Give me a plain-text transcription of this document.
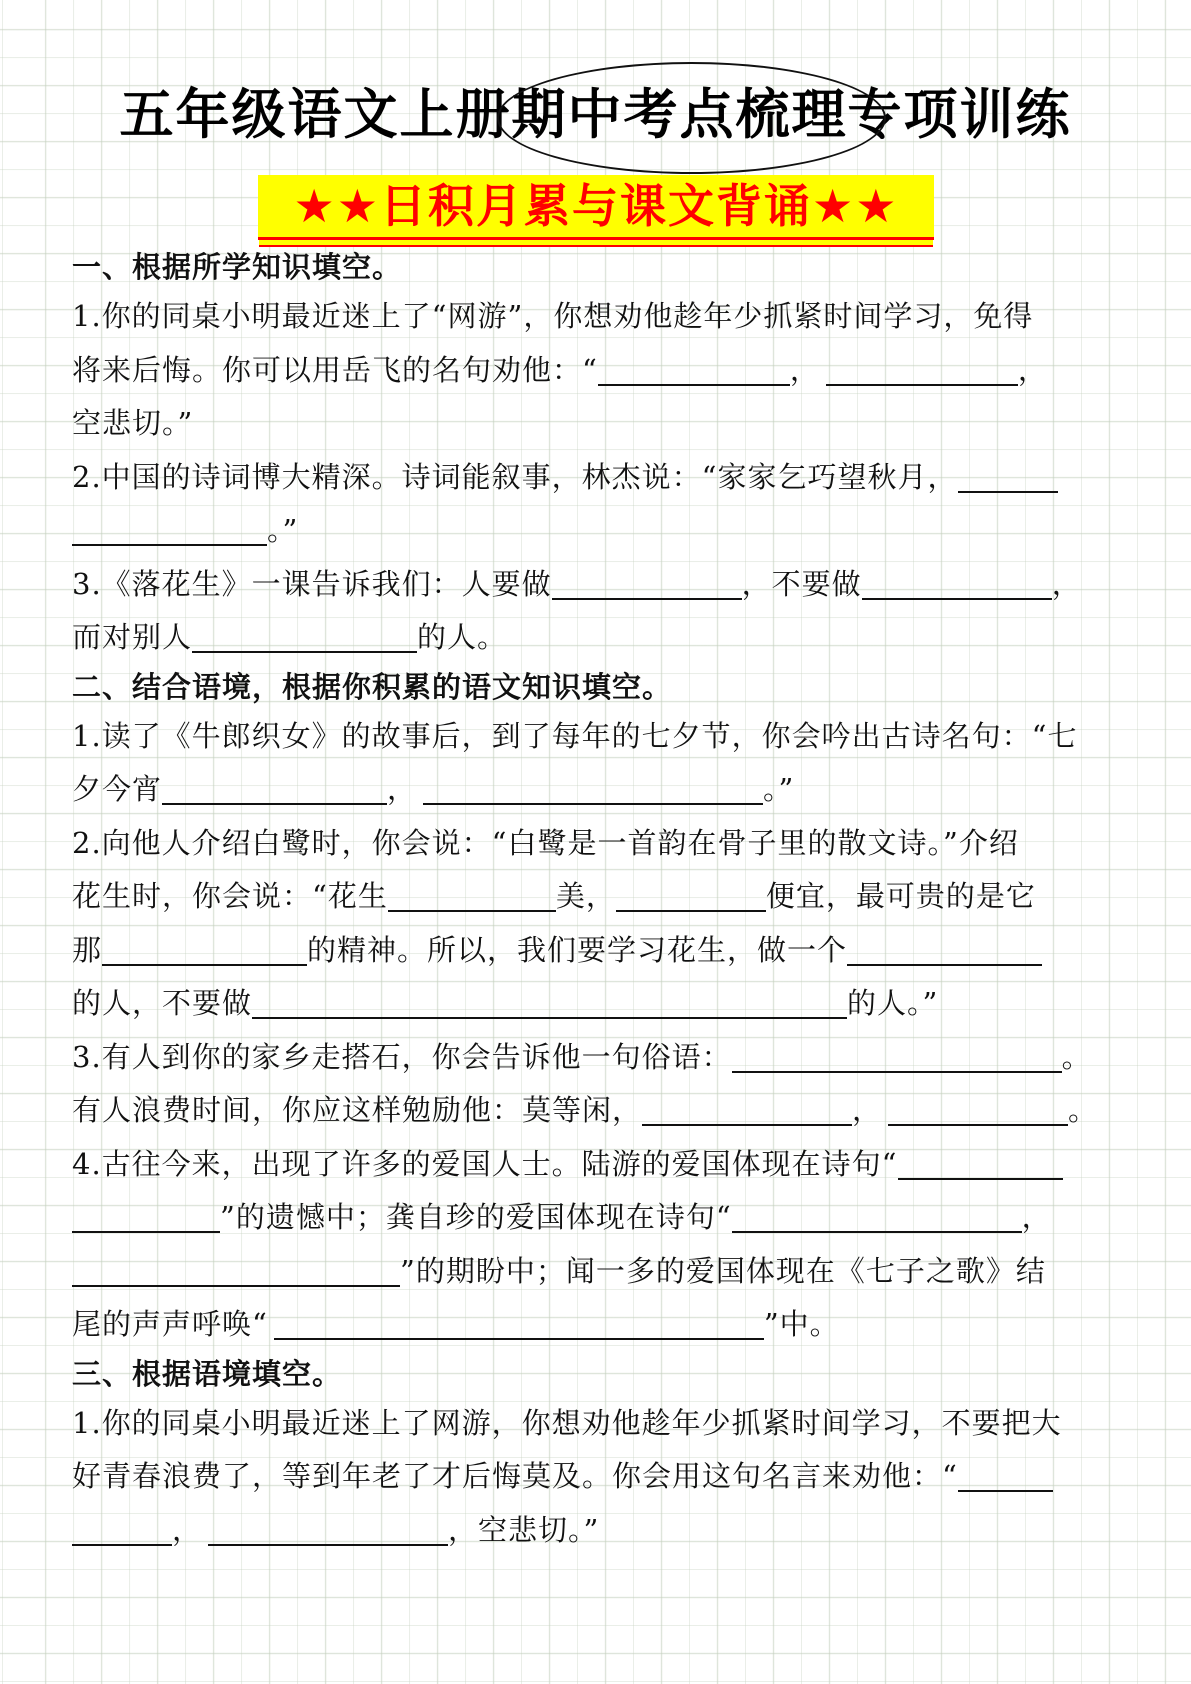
五年级语文上册期中考点梳理专项训练
★★日积月累与课文背诵★★
一、根据所学知识填空。
1.你的同桌小明最近迷上了“网游”，你想劝他趁年少抓紧时间学习，免得
将来后悔。你可以用岳飞的名句劝他：“	，	，
空悲切。”
2.中国的诗词博大精深。诗词能叙事，林杰说：“家家乞巧望秋月，
。”
3.《落花生》一课告诉我们：人要做	，不要做	，
而对别人	的人。
二、结合语境，根据你积累的语文知识填空。
1.读了《牛郎织女》的故事后，到了每年的七夕节，你会吟出古诗名句：“七
夕今宵	，	。”
2.向他人介绍白鹭时，你会说：“白鹭是一首韵在骨子里的散文诗。”介绍
花生时，你会说：“花生	美，	便宜，最可贵的是它
那	的精神。所以，我们要学习花生，做一个
的人，不要做	的人。”
3.有人到你的家乡走搭石，你会告诉他一句俗语：	。
有人浪费时间，你应这样勉励他：莫等闲，	，	。
4.古往今来，出现了许多的爱国人士。陆游的爱国体现在诗句“
”的遗憾中；龚自珍的爱国体现在诗句“	，
”的期盼中；闻一多的爱国体现在《七子之歌》结
尾的声声呼唤“	”中。
三、根据语境填空。
1.你的同桌小明最近迷上了网游，你想劝他趁年少抓紧时间学习，不要把大
好青春浪费了，等到年老了才后悔莫及。你会用这句名言来劝他：“
，	，空悲切。”
